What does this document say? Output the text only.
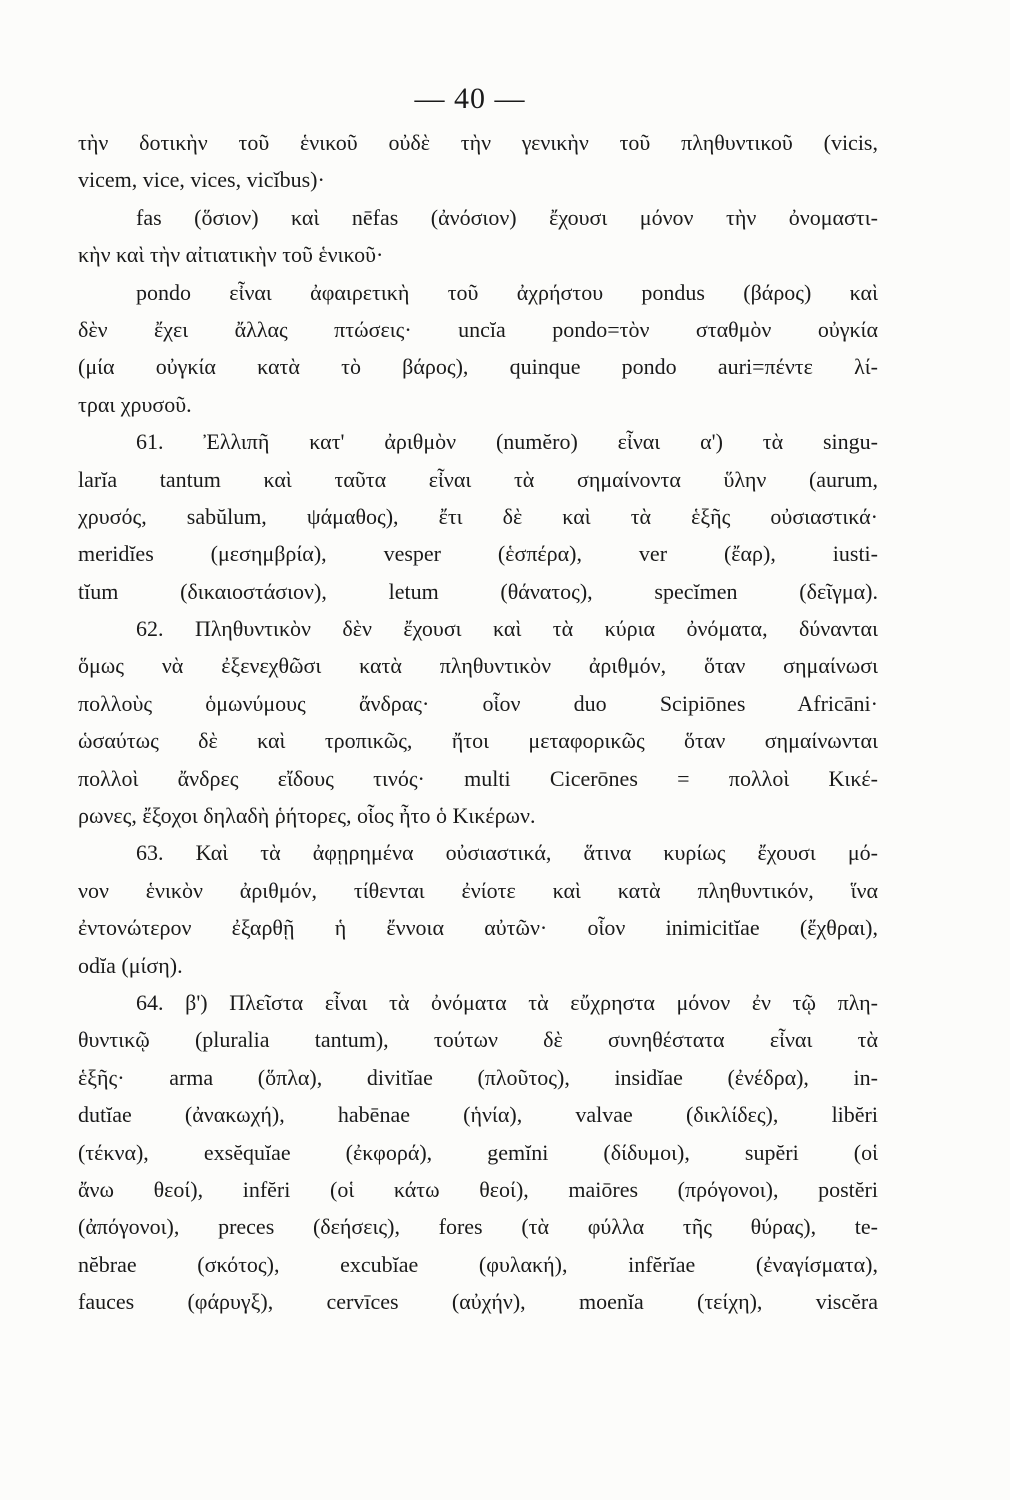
— 40 —
τὴν δοτικὴν τοῦ ἑνικοῦ οὐδὲ τὴν γενικὴν τοῦ πληθυντικοῦ (vicis,
vicem, vice, vices, vicĭbus)·
fas (ὅσιον) καὶ nēfas (ἀνόσιον) ἔχουσι μόνον τὴν ὀνομαστι-
κὴν καὶ τὴν αἰτιατικὴν τοῦ ἑνικοῦ·
pondo εἶναι ἀφαιρετικὴ τοῦ ἀχρήστου pondus (βάρος) καὶ
δὲν ἔχει ἄλλας πτώσεις· uncĭa pondo=τὸν σταθμὸν οὐγκία
(μία οὐγκία κατὰ τὸ βάρος), quinque pondo auri=πέντε λί-
τραι χρυσοῦ.
61. Ἐλλιπῆ κατ' ἀριθμὸν (numĕro) εἶναι α') τὰ singu-
larĭa tantum καὶ ταῦτα εἶναι τὰ σημαίνοντα ὕλην (aurum,
χρυσός, sabŭlum, ψάμαθος), ἔτι δὲ καὶ τὰ ἑξῆς οὐσιαστικά·
meridĭes (μεσημβρία), vesper (ἑσπέρα), ver (ἔαρ), iusti-
tĭum (δικαιοστάσιον), letum (θάνατος), specĭmen (δεῖγμα).
62. Πληθυντικὸν δὲν ἔχουσι καὶ τὰ κύρια ὀνόματα, δύνανται
ὅμως νὰ ἐξενεχθῶσι κατὰ πληθυντικὸν ἀριθμόν, ὅταν σημαίνωσι
πολλοὺς ὁμωνύμους ἄνδρας· οἷον duo Scipiōnes Africāni·
ὡσαύτως δὲ καὶ τροπικῶς, ἤτοι μεταφορικῶς ὅταν σημαίνωνται
πολλοὶ ἄνδρες εἴδους τινός· multi Cicerōnes = πολλοὶ Κικέ-
ρωνες, ἔξοχοι δηλαδὴ ῥήτορες, οἷος ἦτο ὁ Κικέρων.
63. Καὶ τὰ ἀφῃρημένα οὐσιαστικά, ἅτινα κυρίως ἔχουσι μό-
νον ἑνικὸν ἀριθμόν, τίθενται ἐνίοτε καὶ κατὰ πληθυντικόν, ἵνα
ἐντονώτερον ἐξαρθῇ ἡ ἔννοια αὐτῶν· οἷον inimicitĭae (ἔχθραι),
odĭa (μίση).
64. β') Πλεῖστα εἶναι τὰ ὀνόματα τὰ εὔχρηστα μόνον ἐν τῷ πλη-
θυντικῷ (pluralia tantum), τούτων δὲ συνηθέστατα εἶναι τὰ
ἑξῆς· arma (ὅπλα), divitĭae (πλοῦτος), insidĭae (ἐνέδρα), in-
dutĭae (ἀνακωχή), habēnae (ἡνία), valvae (δικλίδες), libĕri
(τέκνα), exsĕquĭae (ἐκφορά), gemĭni (δίδυμοι), supĕri (οἱ
ἄνω θεοί), infĕri (οἱ κάτω θεοί), maiōres (πρόγονοι), postĕri
(ἀπόγονοι), preces (δεήσεις), fores (τὰ φύλλα τῆς θύρας), te-
nĕbrae (σκότος), excubĭae (φυλακή), infĕrĭae (ἐναγίσματα),
fauces (φάρυγξ), cervīces (αὐχήν), moenĭa (τείχη), viscĕra
